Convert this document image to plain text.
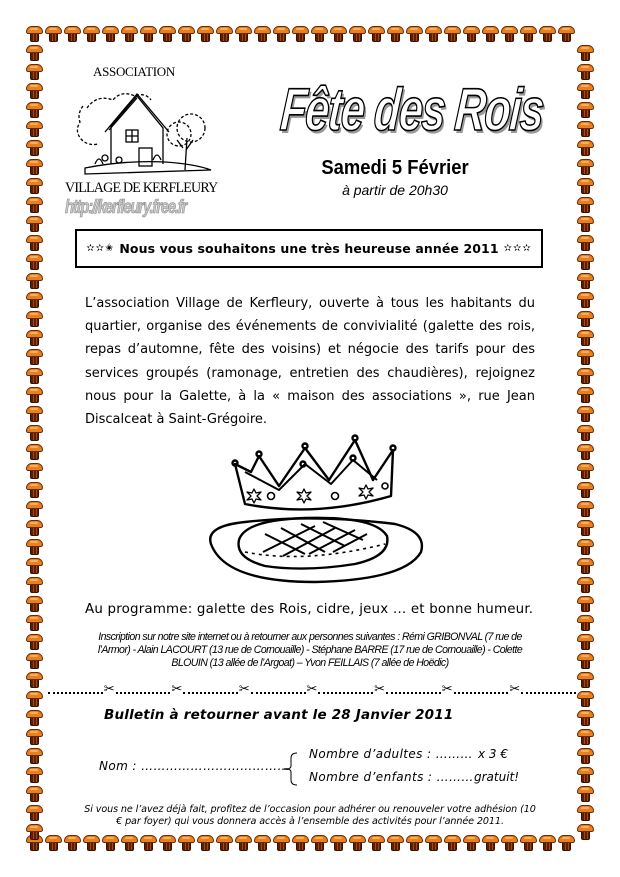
ASSOCIATION
VILLAGE DE KERFLEURY
http://kerfleury.free.fr
Fête des Rois
Samedi 5 Février
à partir de 20h30
✫✫✬ Nous vous souhaitons une très heureuse année 2011 ✫✫✫
L’association Village de Kerfleury, ouverte à tous les habitants du quartier, organise des événements de convivialité (galette des rois, repas d’automne, fête des voisins) et négocie des tarifs pour des services groupés (ramonage, entretien des chaudières), rejoignez nous pour la Galette, à la « maison des associations », rue Jean Discalceat à Saint-Grégoire.
Au programme: galette des Rois, cidre, jeux … et bonne humeur.
Inscription sur notre site internet ou à retourner aux personnes suivantes : Rémi GRIBONVAL (7 rue de l’Armor) - Alain LACOURT (13 rue de Cornouaille) - Stéphane BARRE (17 rue de Cornouaille) - Colette BLOUIN (13 allée de l’Argoat) – Yvon FEILLAIS (7 allée de Hoëdic)
✂	✂	✂	✂	✂	✂	✂
Bulletin à retourner avant le 28 Janvier 2011
Nom : ………………………………
Nombre d’adultes : ……… x 3 €
Nombre d’enfants : ……… gratuit!
Si vous ne l’avez déjà fait, profitez de l’occasion pour adhérer ou renouveler votre adhésion (10 € par foyer) qui vous donnera accès à l’ensemble des activités pour l’année 2011.
